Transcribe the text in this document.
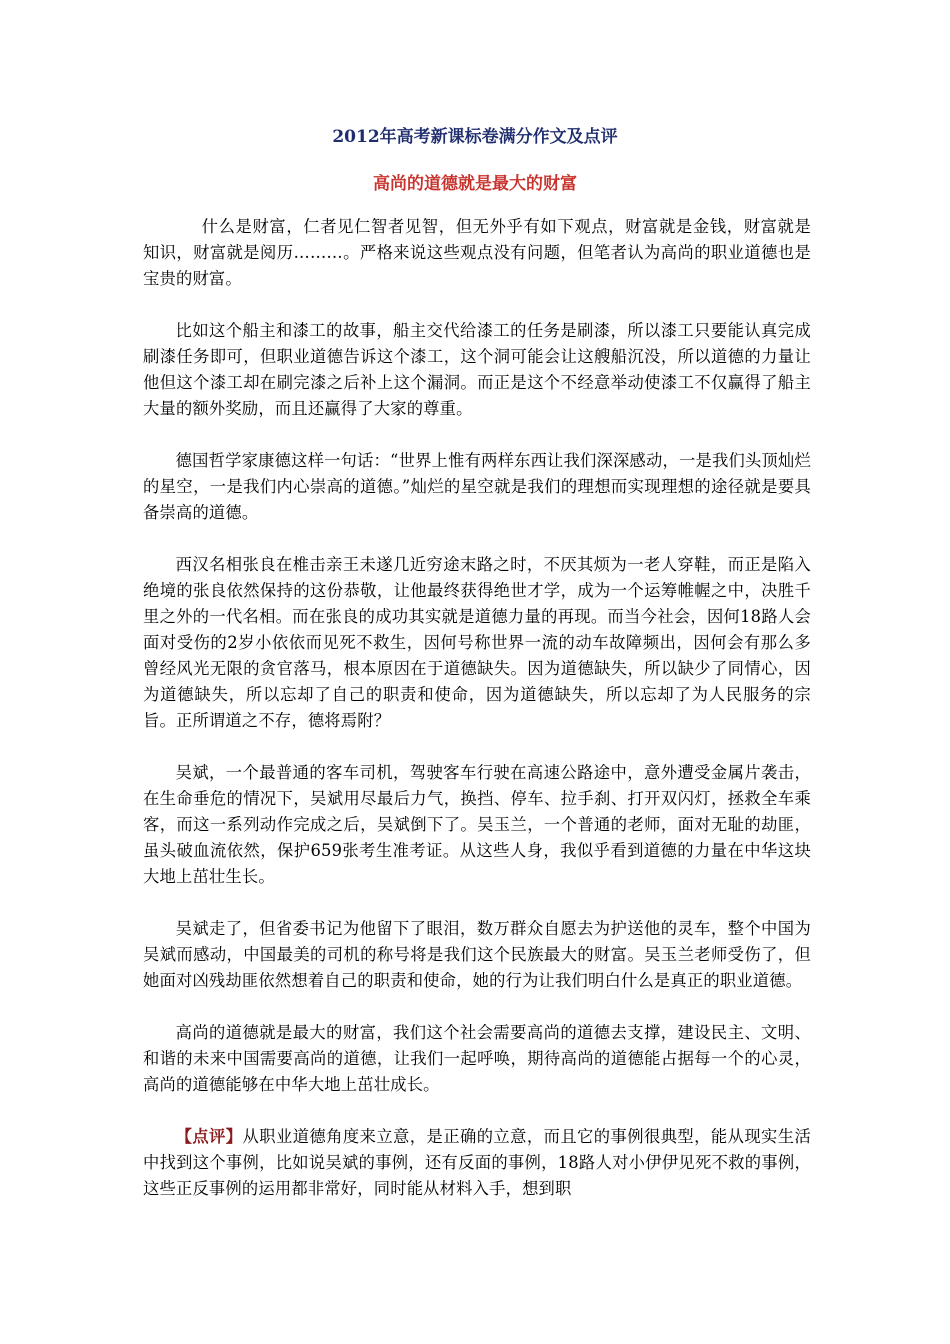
2012年高考新课标卷满分作文及点评
高尚的道德就是最大的财富

什么是财富，仁者见仁智者见智，但无外乎有如下观点，财富就是金钱，财富就是知识，财富就是阅历………。严格来说这些观点没有问题，但笔者认为高尚的职业道德也是宝贵的财富。

比如这个船主和漆工的故事，船主交代给漆工的任务是刷漆，所以漆工只要能认真完成刷漆任务即可，但职业道德告诉这个漆工，这个洞可能会让这艘船沉没，所以道德的力量让他但这个漆工却在刷完漆之后补上这个漏洞。而正是这个不经意举动使漆工不仅赢得了船主大量的额外奖励，而且还赢得了大家的尊重。

德国哲学家康德这样一句话：“世界上惟有两样东西让我们深深感动，一是我们头顶灿烂的星空，一是我们内心崇高的道德。”灿烂的星空就是我们的理想而实现理想的途径就是要具备崇高的道德。

西汉名相张良在椎击亲王未遂几近穷途末路之时，不厌其烦为一老人穿鞋，而正是陷入绝境的张良依然保持的这份恭敬，让他最终获得绝世才学，成为一个运筹帷幄之中，决胜千里之外的一代名相。而在张良的成功其实就是道德力量的再现。而当今社会，因何18路人会面对受伤的2岁小依依而见死不救生，因何号称世界一流的动车故障频出，因何会有那么多曾经风光无限的贪官落马，根本原因在于道德缺失。因为道德缺失，所以缺少了同情心，因为道德缺失，所以忘却了自己的职责和使命，因为道德缺失，所以忘却了为人民服务的宗旨。正所谓道之不存，德将焉附？

吴斌，一个最普通的客车司机，驾驶客车行驶在高速公路途中，意外遭受金属片袭击，在生命垂危的情况下，吴斌用尽最后力气，换挡、停车、拉手刹、打开双闪灯，拯救全车乘客，而这一系列动作完成之后，吴斌倒下了。吴玉兰，一个普通的老师，面对无耻的劫匪，虽头破血流依然，保护659张考生准考证。从这些人身，我似乎看到道德的力量在中华这块大地上茁壮生长。

吴斌走了，但省委书记为他留下了眼泪，数万群众自愿去为护送他的灵车，整个中国为吴斌而感动，中国最美的司机的称号将是我们这个民族最大的财富。吴玉兰老师受伤了，但她面对凶残劫匪依然想着自己的职责和使命，她的行为让我们明白什么是真正的职业道德。

高尚的道德就是最大的财富，我们这个社会需要高尚的道德去支撑，建设民主、文明、和谐的未来中国需要高尚的道德，让我们一起呼唤，期待高尚的道德能占据每一个的心灵，高尚的道德能够在中华大地上茁壮成长。

【点评】从职业道德角度来立意，是正确的立意，而且它的事例很典型，能从现实生活中找到这个事例，比如说吴斌的事例，还有反面的事例，18路人对小伊伊见死不救的事例，这些正反事例的运用都非常好，同时能从材料入手，想到职
